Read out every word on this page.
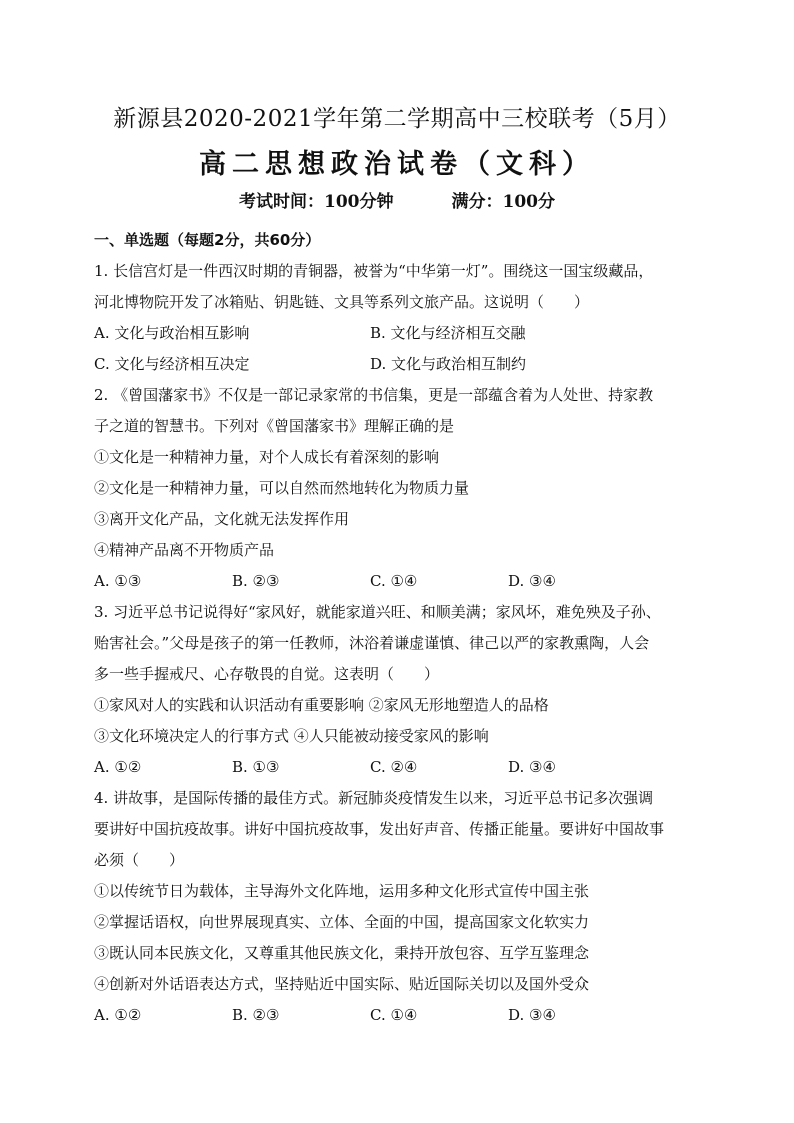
新源县2020-2021学年第二学期高中三校联考（5月）
高二思想政治试卷（文科）
考试时间：100分钟	满分：100分
一、单选题（每题2分，共60分）
1. 长信宫灯是一件西汉时期的青铜器，被誉为“中华第一灯”。围绕这一国宝级藏品，
河北博物院开发了冰箱贴、钥匙链、文具等系列文旅产品。这说明（　　）
A. 文化与政治相互影响	B. 文化与经济相互交融
C. 文化与经济相互决定	D. 文化与政治相互制约
2. 《曾国藩家书》不仅是一部记录家常的书信集，更是一部蕴含着为人处世、持家教
子之道的智慧书。下列对《曾国藩家书》理解正确的是
①文化是一种精神力量，对个人成长有着深刻的影响
②文化是一种精神力量，可以自然而然地转化为物质力量
③离开文化产品，文化就无法发挥作用
④精神产品离不开物质产品
A. ①③	B. ②③	C. ①④	D. ③④
3. 习近平总书记说得好“家风好，就能家道兴旺、和顺美满；家风坏，难免殃及子孙、
贻害社会。”父母是孩子的第一任教师，沐浴着谦虚谨慎、律己以严的家教熏陶，人会
多一些手握戒尺、心存敬畏的自觉。这表明（　　）
①家风对人的实践和认识活动有重要影响 ②家风无形地塑造人的品格
③文化环境决定人的行事方式 ④人只能被动接受家风的影响
A. ①②	B. ①③	C. ②④	D. ③④
4. 讲故事，是国际传播的最佳方式。新冠肺炎疫情发生以来，习近平总书记多次强调
要讲好中国抗疫故事。讲好中国抗疫故事，发出好声音、传播正能量。要讲好中国故事
必须（　　）
①以传统节日为载体，主导海外文化阵地，运用多种文化形式宣传中国主张
②掌握话语权，向世界展现真实、立体、全面的中国，提高国家文化软实力
③既认同本民族文化，又尊重其他民族文化，秉持开放包容、互学互鉴理念
④创新对外话语表达方式，坚持贴近中国实际、贴近国际关切以及国外受众
A. ①②	B. ②③	C. ①④	D. ③④
